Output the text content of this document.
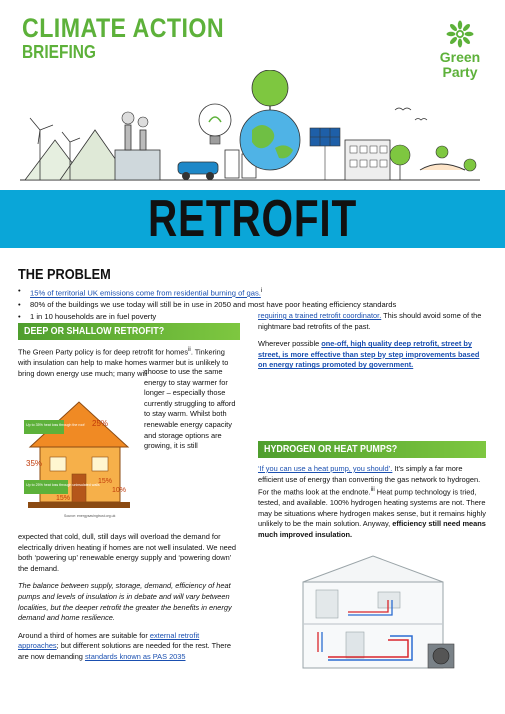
CLIMATE ACTION
BRIEFING	Green
Party
RETROFIT
THE PROBLEM
•	15% of territorial UK emissions come from residential burning of gas.$^i$
•	80% of the buildings we use today will still be in use in 2050 and most have poor heating efficiency standards
•	1 in 10 households are in fuel poverty
DEEP OR SHALLOW RETROFIT?
The Green Party policy is for deep retrofit for homes$^{ii}$. Tinkering with insulation can help to make homes warmer but is unlikely to bring down energy use much; many will
choose to use the same energy to stay warmer for longer – especially those currently struggling to afford to stay warm. Whilst both renewable energy capacity and storage options are growing, it is still
25%
Up to 35% heat loss through the roof
35%
Up to 25% heat loss through uninsulated walls
10%
15%
15%
Source: energysavingtrust.org.uk

expected that cold, dull, still days will overload the demand for electrically driven heating if homes are not well insulated. We need both ‘powering up’ renewable energy supply and ‘powering down’ the demand.

The balance between supply, storage, demand, efficiency of heat pumps and levels of insulation is in debate and will vary between localities, but the deeper retrofit the greater the benefits in energy demand and home resilience.

Around a third of homes are suitable for external retrofit approaches; but different solutions are needed for the rest. There are now demanding standards known as PAS 2035

requiring a trained retrofit coordinator. This should avoid some of the nightmare bad retrofits of the past.

Wherever possible one-off, high quality deep retrofit, street by street, is more effective than step by step improvements based on energy ratings promoted by government.

HYDROGEN OR HEAT PUMPS?

‘If you can use a heat pump, you should’. It’s simply a far more efficient use of energy than converting the gas network to hydrogen. For the maths look at the endnote.$^{iii}$ Heat pump technology is tried, tested, and available. 100% hydrogen heating systems are not. There may be situations where hydrogen makes sense, but it remains highly unlikely to be the main solution. Anyway, efficiency still need means much improved insulation.
